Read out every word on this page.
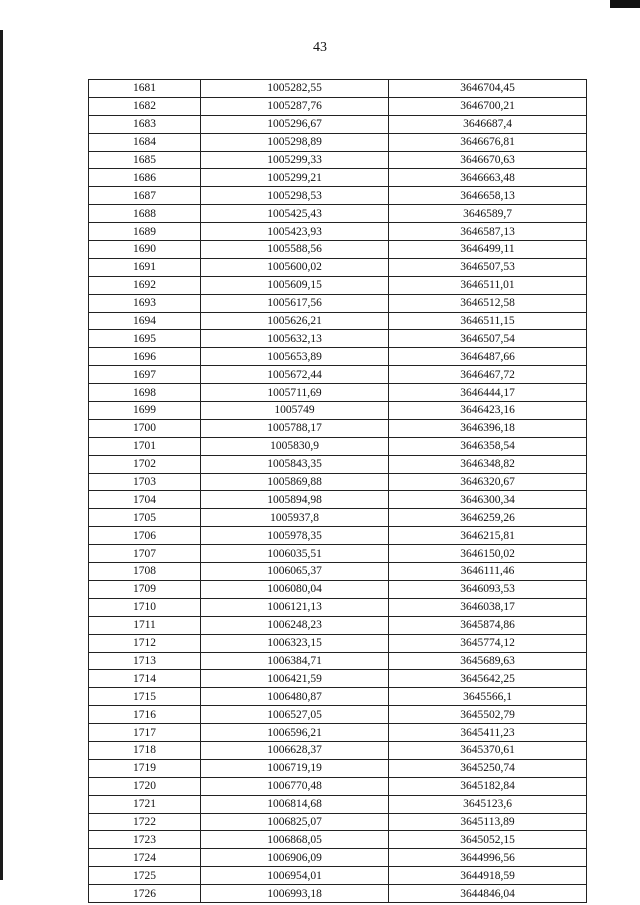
43
1681	1005282,55	3646704,45
1682	1005287,76	3646700,21
1683	1005296,67	3646687,4
1684	1005298,89	3646676,81
1685	1005299,33	3646670,63
1686	1005299,21	3646663,48
1687	1005298,53	3646658,13
1688	1005425,43	3646589,7
1689	1005423,93	3646587,13
1690	1005588,56	3646499,11
1691	1005600,02	3646507,53
1692	1005609,15	3646511,01
1693	1005617,56	3646512,58
1694	1005626,21	3646511,15
1695	1005632,13	3646507,54
1696	1005653,89	3646487,66
1697	1005672,44	3646467,72
1698	1005711,69	3646444,17
1699	1005749	3646423,16
1700	1005788,17	3646396,18
1701	1005830,9	3646358,54
1702	1005843,35	3646348,82
1703	1005869,88	3646320,67
1704	1005894,98	3646300,34
1705	1005937,8	3646259,26
1706	1005978,35	3646215,81
1707	1006035,51	3646150,02
1708	1006065,37	3646111,46
1709	1006080,04	3646093,53
1710	1006121,13	3646038,17
1711	1006248,23	3645874,86
1712	1006323,15	3645774,12
1713	1006384,71	3645689,63
1714	1006421,59	3645642,25
1715	1006480,87	3645566,1
1716	1006527,05	3645502,79
1717	1006596,21	3645411,23
1718	1006628,37	3645370,61
1719	1006719,19	3645250,74
1720	1006770,48	3645182,84
1721	1006814,68	3645123,6
1722	1006825,07	3645113,89
1723	1006868,05	3645052,15
1724	1006906,09	3644996,56
1725	1006954,01	3644918,59
1726	1006993,18	3644846,04
